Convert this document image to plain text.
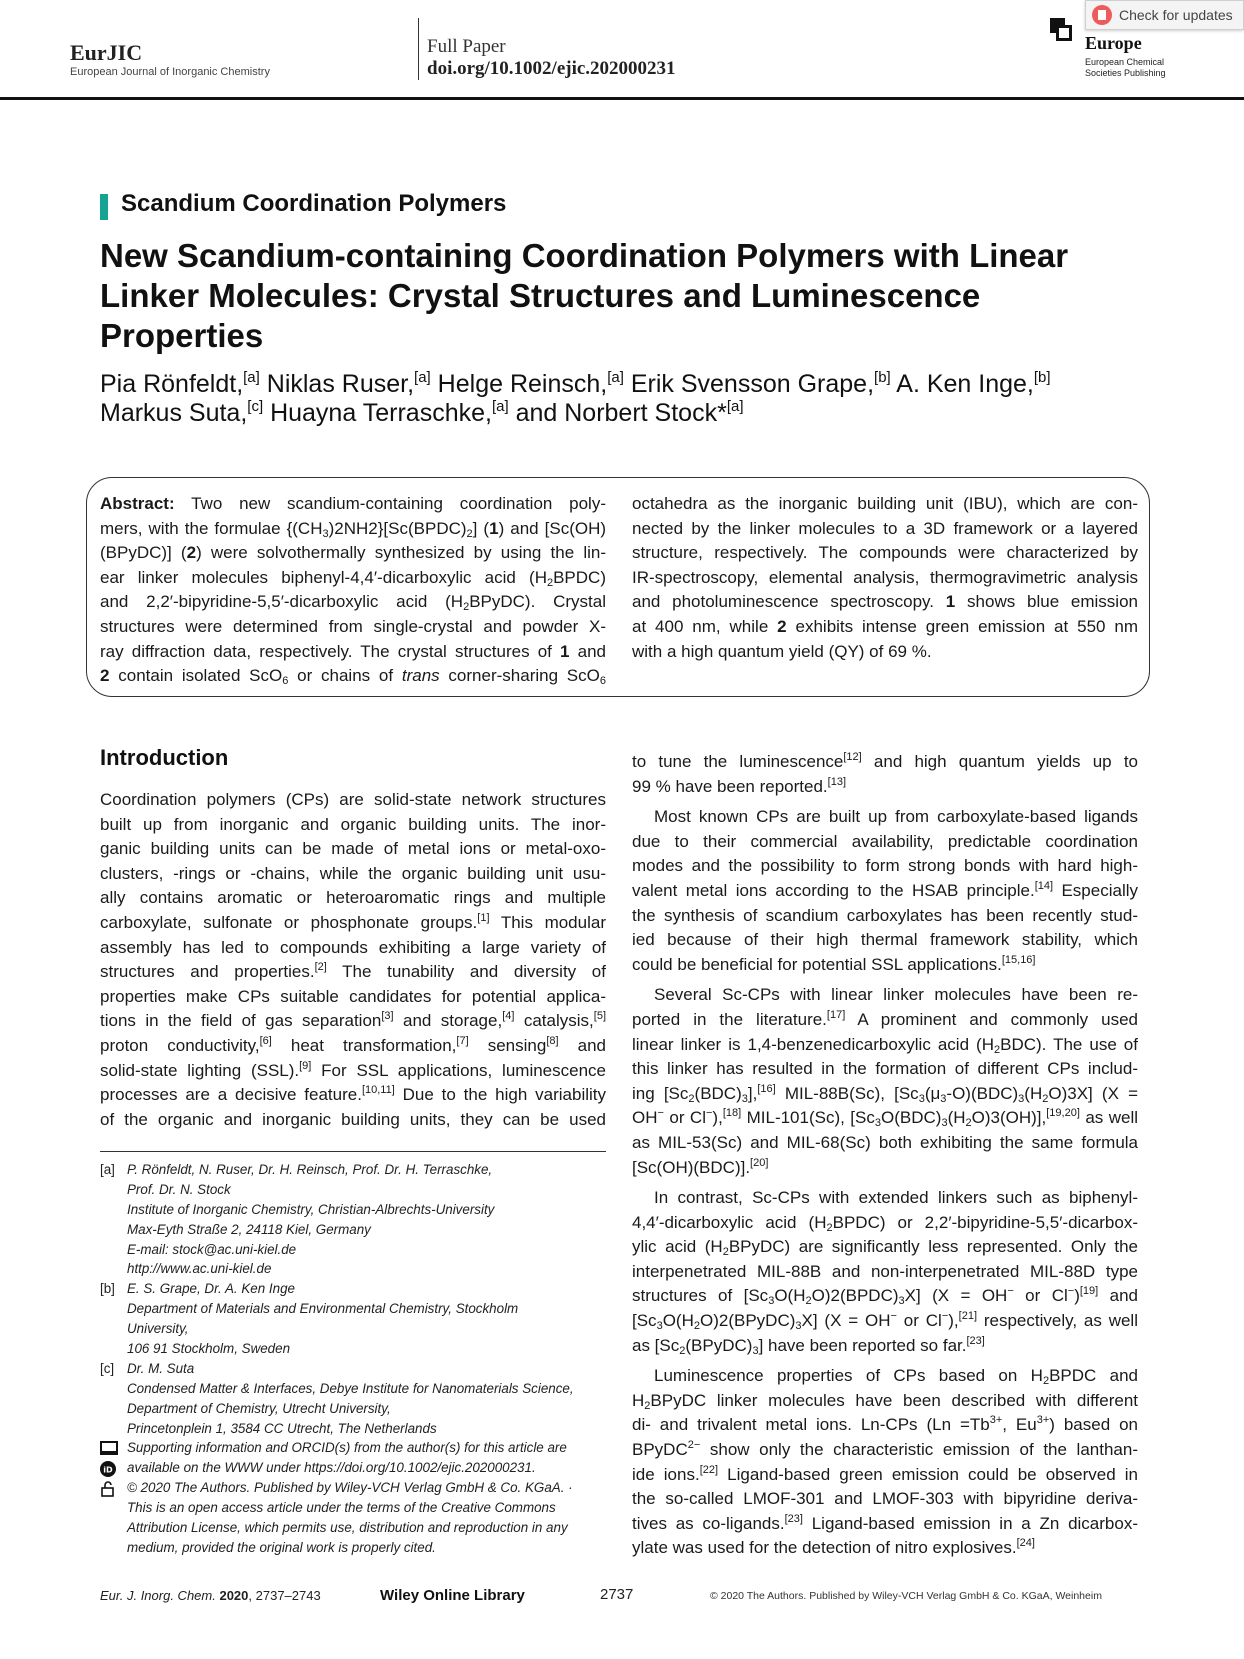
EurJIC
European Journal of Inorganic Chemistry
Full Paper
doi.org/10.1002/ejic.202000231
Europe
European Chemical
Societies Publishing
Check for updates
Scandium Coordination Polymers
New Scandium-containing Coordination Polymers with Linear Linker Molecules: Crystal Structures and Luminescence Properties
Pia Rönfeldt,[a] Niklas Ruser,[a] Helge Reinsch,[a] Erik Svensson Grape,[b] A. Ken Inge,[b]
Markus Suta,[c] Huayna Terraschke,[a] and Norbert Stock*[a]
Abstract: Two new scandium-containing coordination poly-
mers, with the formulae $\{(CH_3)2NH2\}[Sc(BPDC)_2]$ (1) and [Sc(OH)
(BPyDC)] (2) were solvothermally synthesized by using the lin-
ear linker molecules biphenyl-4,4′-dicarboxylic acid $(H_2BPDC)$
and 2,2′-bipyridine-5,5′-dicarboxylic acid $(H_2BPyDC)$. Crystal
structures were determined from single-crystal and powder X-
ray diffraction data, respectively. The crystal structures of 1 and
2 contain isolated ScO$_6$ or chains of trans corner-sharing ScO$_6$
octahedra as the inorganic building unit (IBU), which are con-
nected by the linker molecules to a 3D framework or a layered
structure, respectively. The compounds were characterized by
IR-spectroscopy, elemental analysis, thermogravimetric analysis
and photoluminescence spectroscopy. 1 shows blue emission
at 400 nm, while 2 exhibits intense green emission at 550 nm
with a high quantum yield (QY) of 69 %.
Introduction
Coordination polymers (CPs) are solid-state network structures
built up from inorganic and organic building units. The inor-
ganic building units can be made of metal ions or metal-oxo-
clusters, -rings or -chains, while the organic building unit usu-
ally contains aromatic or heteroaromatic rings and multiple
carboxylate, sulfonate or phosphonate groups.[1] This modular
assembly has led to compounds exhibiting a large variety of
structures and properties.[2] The tunability and diversity of
properties make CPs suitable candidates for potential applica-
tions in the field of gas separation[3] and storage,[4] catalysis,[5]
proton conductivity,[6] heat transformation,[7] sensing[8] and
solid-state lighting (SSL).[9] For SSL applications, luminescence
processes are a decisive feature.[10,11] Due to the high variability
of the organic and inorganic building units, they can be used
to tune the luminescence[12] and high quantum yields up to
99 % have been reported.[13]
Most known CPs are built up from carboxylate-based ligands
due to their commercial availability, predictable coordination
modes and the possibility to form strong bonds with hard high-
valent metal ions according to the HSAB principle.[14] Especially
the synthesis of scandium carboxylates has been recently stud-
ied because of their high thermal framework stability, which
could be beneficial for potential SSL applications.[15,16]
Several Sc-CPs with linear linker molecules have been re-
ported in the literature.[17] A prominent and commonly used
linear linker is 1,4-benzenedicarboxylic acid $(H_2BDC)$. The use of
this linker has resulted in the formation of different CPs includ-
ing $[Sc_2(BDC)_3],[16]$ MIL-88B(Sc), $[Sc_3(\mu_3-O)(BDC)_3(H_2O)3X] (X$ =
OH− or Cl−),[18] MIL-101(Sc), $[Sc_3O(BDC)_3(H_2O)3(OH)],[19,20]$ as well
as MIL-53(Sc) and MIL-68(Sc) both exhibiting the same formula
[Sc(OH)(BDC)].[20]
In contrast, Sc-CPs with extended linkers such as biphenyl-
4,4′-dicarboxylic acid $(H_2BPDC)$ or 2,2′-bipyridine-5,5′-dicarbox-
ylic acid $(H_2BPyDC)$ are significantly less represented. Only the
interpenetrated MIL-88B and non-interpenetrated MIL-88D type
structures of $[Sc_3O(H_2O)2(BPDC)_3X] (X = OH^-$ or Cl−)[19] and
$[Sc_3O(H_2O)2(BPyDC)_3X] (X = OH^-$ or Cl−),[21] respectively, as well
as $[Sc_2(BPyDC)_3]$ have been reported so far.[23]
Luminescence properties of CPs based on $H_2BPDC$ and
$H_2BPyDC$ linker molecules have been described with different
di- and trivalent metal ions. Ln-CPs ($Ln =Tb^{3+}$, $Eu^{3+}$) based on
BPyDC$^{2-}$ show only the characteristic emission of the lanthan-
ide ions.[22] Ligand-based green emission could be observed in
the so-called LMOF-301 and LMOF-303 with bipyridine deriva-
tives as co-ligands.[23] Ligand-based emission in a Zn dicarbox-
ylate was used for the detection of nitro explosives.[24]
[a] P. Rönfeldt, N. Ruser, Dr. H. Reinsch, Prof. Dr. H. Terraschke,
Prof. Dr. N. Stock
Institute of Inorganic Chemistry, Christian-Albrechts-University
Max-Eyth Straße 2, 24118 Kiel, Germany
E-mail: stock@ac.uni-kiel.de
http://www.ac.uni-kiel.de
[b] E. S. Grape, Dr. A. Ken Inge
Department of Materials and Environmental Chemistry, Stockholm
University,
106 91 Stockholm, Sweden
[c] Dr. M. Suta
Condensed Matter & Interfaces, Debye Institute for Nanomaterials Science,
Department of Chemistry, Utrecht University,
Princetonplein 1, 3584 CC Utrecht, The Netherlands
Supporting information and ORCID(s) from the author(s) for this article are
iD available on the WWW under https://doi.org/10.1002/ejic.202000231.
© 2020 The Authors. Published by Wiley-VCH Verlag GmbH & Co. KGaA. ·
This is an open access article under the terms of the Creative Commons
Attribution License, which permits use, distribution and reproduction in any
medium, provided the original work is properly cited.
Eur. J. Inorg. Chem. 2020, 2737–2743	Wiley Online Library	2737	© 2020 The Authors. Published by Wiley-VCH Verlag GmbH & Co. KGaA, Weinheim
